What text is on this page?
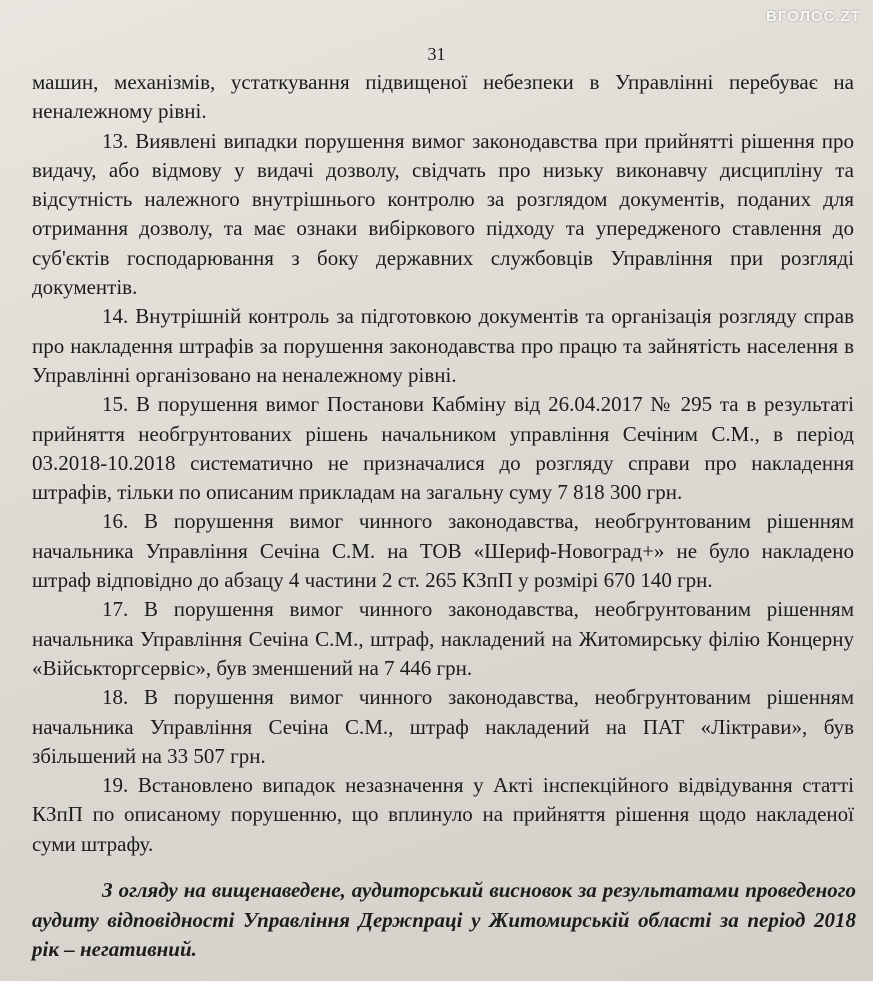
ВГОЛОС.ZT
31

машин, механізмів, устаткування підвищеної небезпеки в Управлінні перебуває на неналежному рівні.

13. Виявлені випадки порушення вимог законодавства при прийнятті рішення про видачу, або відмову у видачі дозволу, свідчать про низьку виконавчу дисципліну та відсутність належного внутрішнього контролю за розглядом документів, поданих для отримання дозволу, та має ознаки вибіркового підходу та упередженого ставлення до суб'єктів господарювання з боку державних службовців Управління при розгляді документів.

14. Внутрішній контроль за підготовкою документів та організація розгляду справ про накладення штрафів за порушення законодавства про працю та зайнятість населення в Управлінні організовано на неналежному рівні.

15. В порушення вимог Постанови Кабміну від 26.04.2017 № 295 та в результаті прийняття необгрунтованих рішень начальником управління Сечіним С.М., в період 03.2018-10.2018 систематично не призначалися до розгляду справи про накладення штрафів, тільки по описаним прикладам на загальну суму 7 818 300 грн.

16. В порушення вимог чинного законодавства, необгрунтованим рішенням начальника Управління Сечіна С.М. на ТОВ «Шериф-Новоград+» не було накладено штраф відповідно до абзацу 4 частини 2 ст. 265 КЗпП у розмірі 670 140 грн.

17. В порушення вимог чинного законодавства, необгрунтованим рішенням начальника Управління Сечіна С.М., штраф, накладений на Житомирську філію Концерну «Військторгсервіс», був зменшений на 7 446 грн.

18. В порушення вимог чинного законодавства, необгрунтованим рішенням начальника Управління Сечіна С.М., штраф накладений на ПАТ «Ліктрави», був збільшений на 33 507 грн.

19. Встановлено випадок незазначення у Акті інспекційного відвідування статті КЗпП по описаному порушенню, що вплинуло на прийняття рішення щодо накладеної суми штрафу.

З огляду на вищенаведене, аудиторський висновок за результатами проведеного аудиту відповідності Управління Держпраці у Житомирській області за період 2018 рік – негативний.
